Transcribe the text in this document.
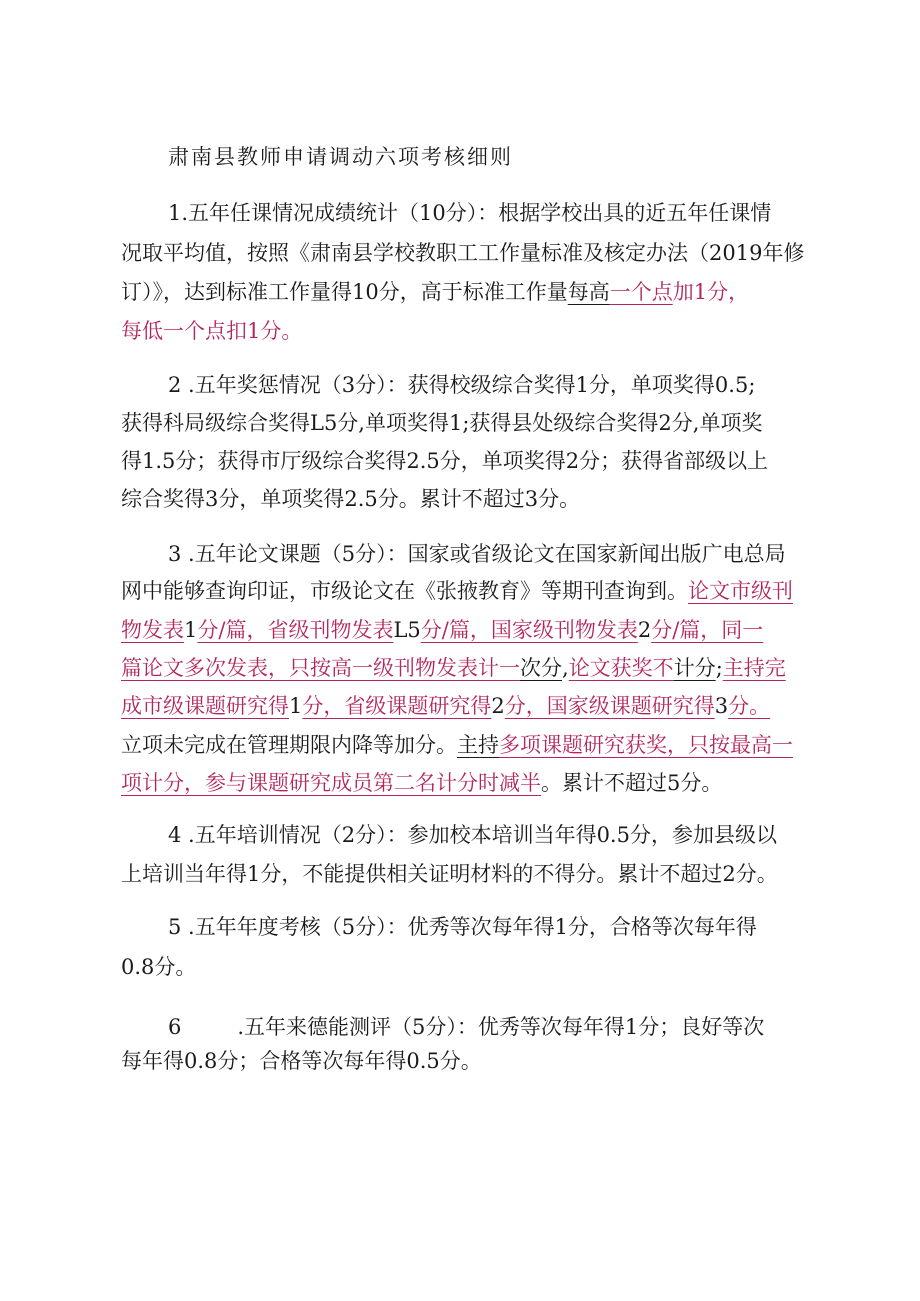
肃南县教师申请调动六项考核细则
1.五年任课情况成绩统计（10分）：根据学校出具的近五年任课情
况取平均值，按照《肃南县学校教职工工作量标准及核定办法（2019年修
订）》，达到标准工作量得10分，高于标准工作量每高一个点加1分，
每低一个点扣1分。
2 .五年奖惩情况（3分）：获得校级综合奖得1分，单项奖得0.5;
获得科局级综合奖得L5分,单项奖得1;获得县处级综合奖得2分,单项奖
得1.5分；获得市厅级综合奖得2.5分，单项奖得2分；获得省部级以上
综合奖得3分，单项奖得2.5分。累计不超过3分。
3 .五年论文课题（5分）：国家或省级论文在国家新闻出版广电总局
网中能够查询印证，市级论文在《张掖教育》等期刊查询到。论文市级刊
物发表1分/篇，省级刊物发表L5分/篇，国家级刊物发表2分/篇，同一
篇论文多次发表，只按高一级刊物发表计一次分,论文获奖不计分;主持完
成市级课题研究得1分，省级课题研究得2分，国家级课题研究得3分。
立项未完成在管理期限内降等加分。主持多项课题研究获奖，只按最高一
项计分，参与课题研究成员第二名计分时减半。累计不超过5分。
4 .五年培训情况（2分）：参加校本培训当年得0.5分，参加县级以
上培训当年得1分，不能提供相关证明材料的不得分。累计不超过2分。
5 .五年年度考核（5分）：优秀等次每年得1分，合格等次每年得
0.8分。
6	.五年来德能测评（5分）：优秀等次每年得1分；良好等次
每年得0.8分；合格等次每年得0.5分。
